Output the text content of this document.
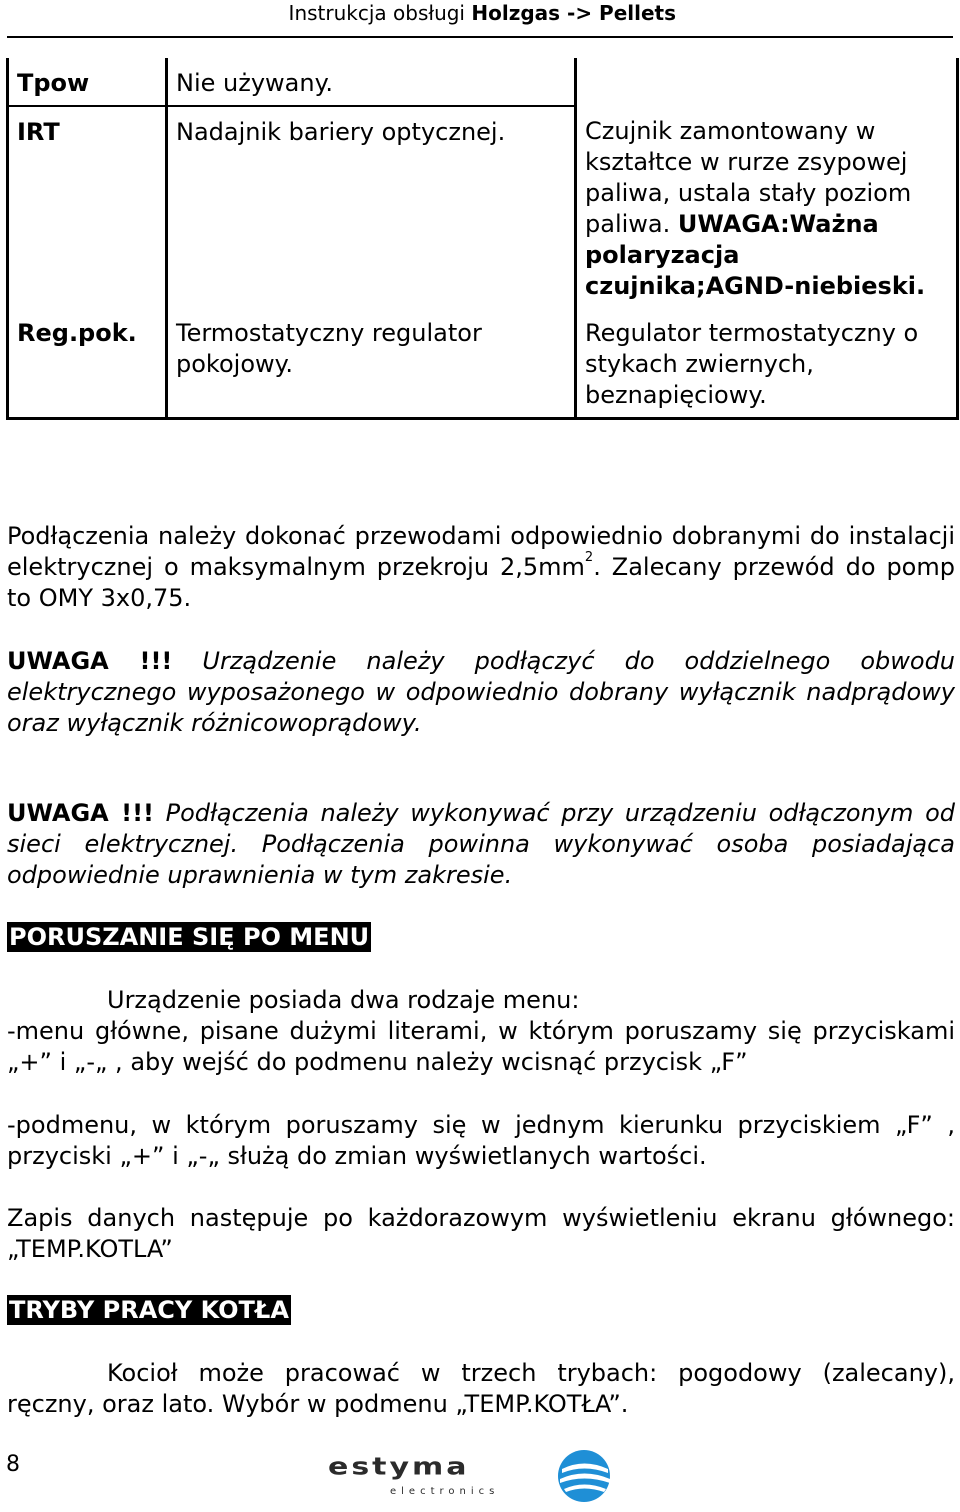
Instrukcja obsługi Holzgas -> Pellets
Tpow	Nie używany.	
IRT	Nadajnik bariery optycznej.	Czujnik zamontowany w kształtce w rurze zsypowej paliwa, ustala stały poziom paliwa. UWAGA:Ważna polaryzacja czujnika;AGND-niebieski.
Reg.pok.	Termostatyczny regulator pokojowy.	Regulator termostatyczny o stykach zwiernych, beznapięciowy.
Podłączenia należy dokonać przewodami odpowiednio dobranymi do instalacji elektrycznej o maksymalnym przekroju $2,5mm^2$. Zalecany przewód do pomp to OMY 3x0,75.
UWAGA !!! Urządzenie należy podłączyć do oddzielnego obwodu elektrycznego wyposażonego w odpowiednio dobrany wyłącznik nadprądowy oraz wyłącznik różnicowoprądowy.
UWAGA !!! Podłączenia należy wykonywać przy urządzeniu odłączonym od sieci elektrycznej. Podłączenia powinna wykonywać osoba posiadająca odpowiednie uprawnienia w tym zakresie.
PORUSZANIE SIĘ PO MENU
Urządzenie posiada dwa rodzaje menu:
-menu główne, pisane dużymi literami, w którym poruszamy się przyciskami „+” i „-„ , aby wejść do podmenu należy wcisnąć przycisk „F”
-podmenu, w którym poruszamy się w jednym kierunku przyciskiem „F” , przyciski „+” i „-„ służą do zmian wyświetlanych wartości.
Zapis danych następuje po każdorazowym wyświetleniu ekranu głównego: „TEMP.KOTLA”
TRYBY PRACY KOTŁA
Kocioł może pracować w trzech trybach: pogodowy (zalecany), ręczny, oraz lato. Wybór w podmenu „TEMP.KOTŁA”.
8	estyma
electronics
